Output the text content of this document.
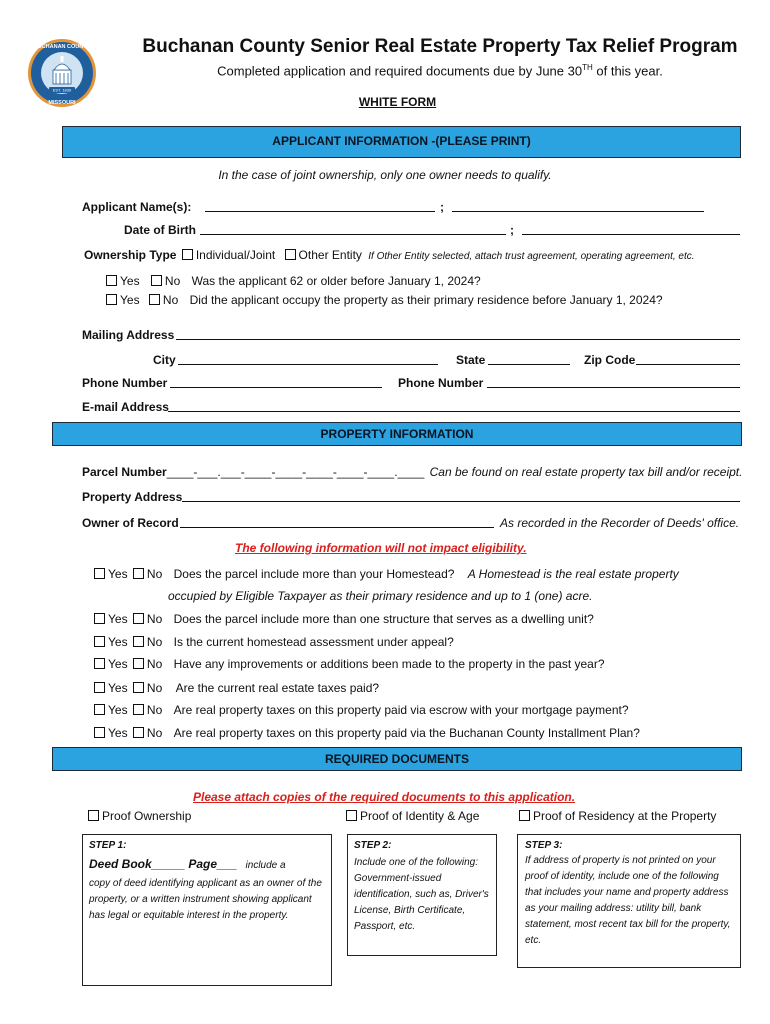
EST. 1839
BUCHANAN COUNTY
MISSOURI
Buchanan County Senior Real Estate Property Tax Relief Program
Completed application and required documents due by June 30TH of this year.
WHITE FORM
APPLICANT INFORMATION -(PLEASE PRINT)
In the case of joint ownership, only one owner needs to qualify.
Applicant Name(s):	;
Date of Birth	;
Ownership Type Individual/Joint Other Entity If Other Entity selected, attach trust agreement, operating agreement, etc.
Yes No Was the applicant 62 or older before January 1, 2024?
Yes No Did the applicant occupy the property as their primary residence before January 1, 2024?
Mailing Address
City	State	Zip Code
Phone Number	Phone Number
E-mail Address
PROPERTY INFORMATION
Parcel Number____-___.___-____-____-____-____-____.____ Can be found on real estate property tax bill and/or receipt.
Property Address
Owner of Record	As recorded in the Recorder of Deeds' office.
The following information will not impact eligibility.
Yes No Does the parcel include more than your Homestead? A Homestead is the real estate property
occupied by Eligible Taxpayer as their primary residence and up to 1 (one) acre.
Yes No Does the parcel include more than one structure that serves as a dwelling unit?
Yes No Is the current homestead assessment under appeal?
Yes No Have any improvements or additions been made to the property in the past year?
Yes No Are the current real estate taxes paid?
Yes No Are real property taxes on this property paid via escrow with your mortgage payment?
Yes No Are real property taxes on this property paid via the Buchanan County Installment Plan?
REQUIRED DOCUMENTS
Please attach copies of the required documents to this application.
Proof Ownership	Proof of Identity & Age	Proof of Residency at the Property
STEP 1:
Deed Book_____ Page___ include a
copy of deed identifying applicant as an owner of the property, or a written instrument showing applicant has legal or equitable interest in the property.
STEP 2:
Include one of the following: Government-issued identification, such as, Driver's License, Birth Certificate, Passport, etc.
STEP 3:
If address of property is not printed on your proof of identity, include one of the following that includes your name and property address as your mailing address: utility bill, bank statement, most recent tax bill for the property, etc.
